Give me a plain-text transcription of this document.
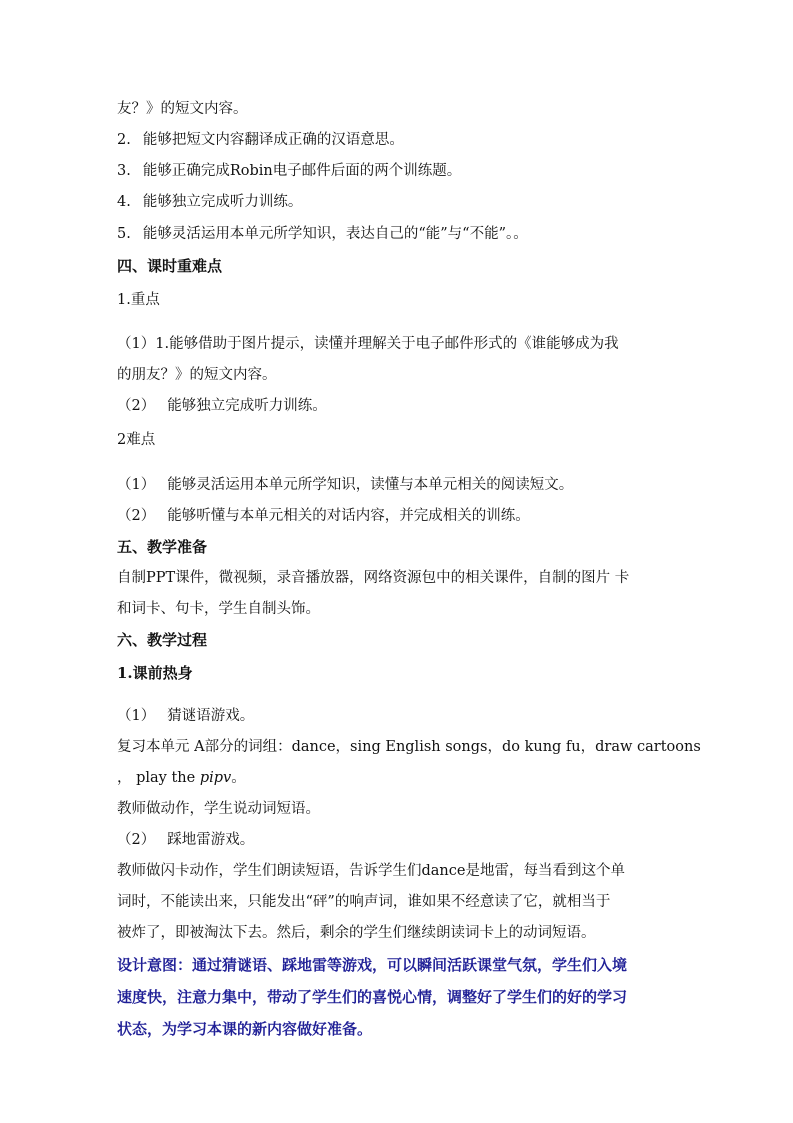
友？》的短文内容。
2. 能够把短文内容翻译成正确的汉语意思。
3. 能够正确完成Robin电子邮件后面的两个训练题。
4. 能够独立完成听力训练。
5. 能够灵活运用本单元所学知识，表达自己的“能”与“不能”。。
四、课时重难点
1.重点
（1）1.能够借助于图片提示，读懂并理解关于电子邮件形式的《谁能够成为我
的朋友？》的短文内容。
（2） 能够独立完成听力训练。
2难点
（1） 能够灵活运用本单元所学知识，读懂与本单元相关的阅读短文。
（2） 能够听懂与本单元相关的对话内容，并完成相关的训练。
五、教学准备
自制PPT课件，微视频，录音播放器，网络资源包中的相关课件，自制的图片 卡
和词卡、句卡，学生自制头饰。
六、教学过程
1.课前热身
（1） 猜谜语游戏。
复习本单元 A部分的词组：dance，sing English songs，do kung fu，draw cartoons
， play the pipv。
教师做动作，学生说动词短语。
（2） 踩地雷游戏。
教师做闪卡动作，学生们朗读短语，告诉学生们dance是地雷，每当看到这个单
词时，不能读出来，只能发出“砰”的响声词，谁如果不经意读了它，就相当于
被炸了，即被淘汰下去。然后，剩余的学生们继续朗读词卡上的动词短语。
设计意图：通过猜谜语、踩地雷等游戏，可以瞬间活跃课堂气氛，学生们入境
速度快，注意力集中，带动了学生们的喜悦心情，调整好了学生们的好的学习
状态，为学习本课的新内容做好准备。
